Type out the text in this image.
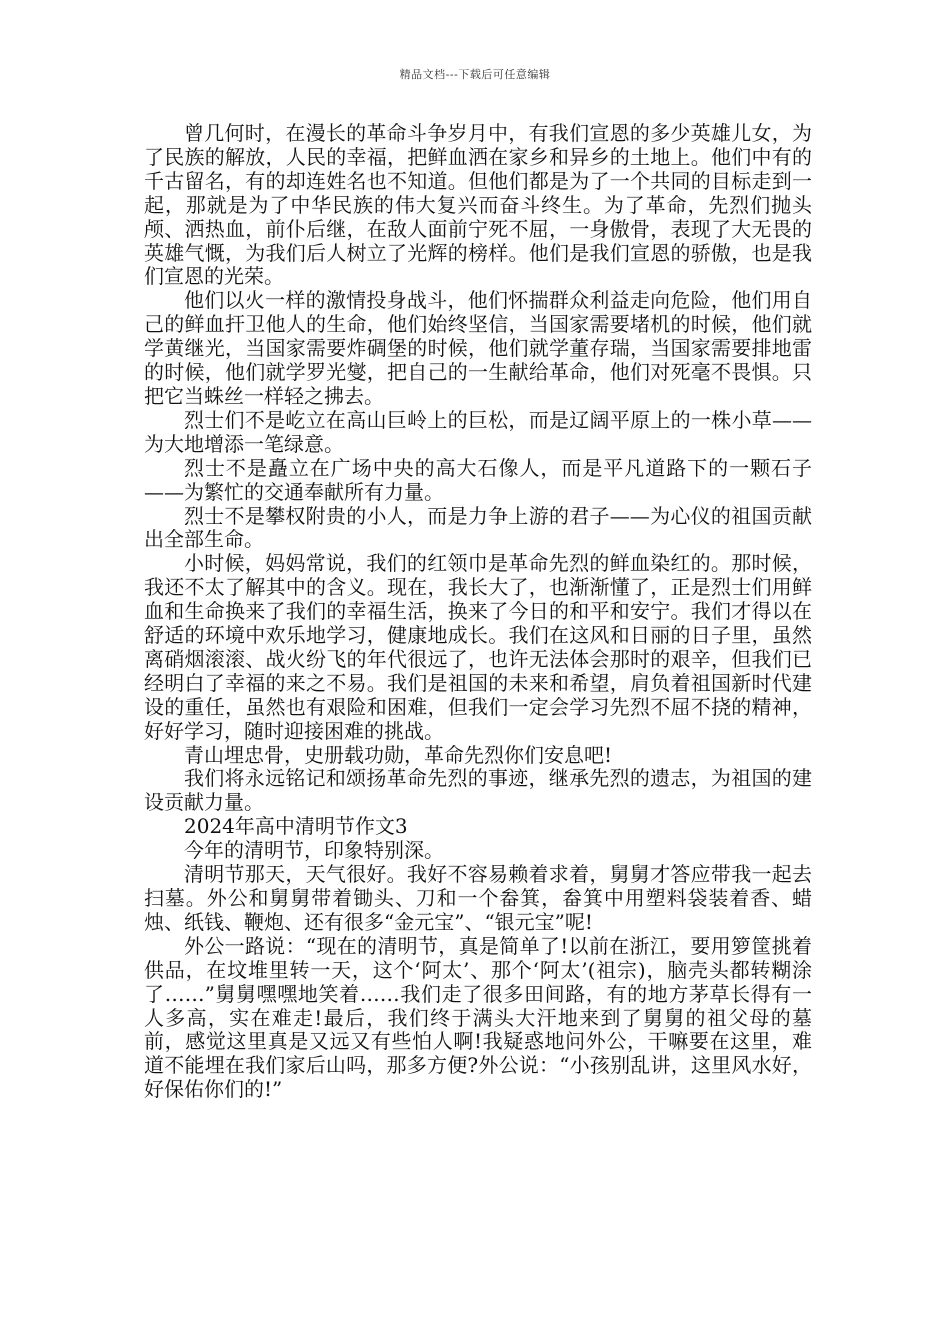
精品文档---下载后可任意编辑

曾几何时，在漫长的革命斗争岁月中，有我们宣恩的多少英雄儿女，为了民族的解放，人民的幸福，把鲜血洒在家乡和异乡的土地上。他们中有的千古留名，有的却连姓名也不知道。但他们都是为了一个共同的目标走到一起，那就是为了中华民族的伟大复兴而奋斗终生。为了革命，先烈们抛头颅、洒热血，前仆后继，在敌人面前宁死不屈，一身傲骨，表现了大无畏的英雄气慨，为我们后人树立了光辉的榜样。他们是我们宣恩的骄傲，也是我们宣恩的光荣。

他们以火一样的激情投身战斗，他们怀揣群众利益走向危险，他们用自己的鲜血扞卫他人的生命，他们始终坚信，当国家需要堵机的时候，他们就学黄继光，当国家需要炸碉堡的时候，他们就学董存瑞，当国家需要排地雷的时候，他们就学罗光燮，把自己的一生献给革命，他们对死毫不畏惧。只把它当蛛丝一样轻之拂去。

烈士们不是屹立在高山巨岭上的巨松，而是辽阔平原上的一株小草——为大地增添一笔绿意。

烈士不是矗立在广场中央的高大石像人，而是平凡道路下的一颗石子——为繁忙的交通奉献所有力量。

烈士不是攀权附贵的小人，而是力争上游的君子——为心仪的祖国贡献出全部生命。

小时候，妈妈常说，我们的红领巾是革命先烈的鲜血染红的。那时候，我还不太了解其中的含义。现在，我长大了，也渐渐懂了，正是烈士们用鲜血和生命换来了我们的幸福生活，换来了今日的和平和安宁。我们才得以在舒适的环境中欢乐地学习，健康地成长。我们在这风和日丽的日子里，虽然离硝烟滚滚、战火纷飞的年代很远了，也许无法体会那时的艰辛，但我们已经明白了幸福的来之不易。我们是祖国的未来和希望，肩负着祖国新时代建设的重任，虽然也有艰险和困难，但我们一定会学习先烈不屈不挠的精神，好好学习，随时迎接困难的挑战。

青山埋忠骨，史册载功勋，革命先烈你们安息吧!

我们将永远铭记和颂扬革命先烈的事迹，继承先烈的遗志，为祖国的建设贡献力量。

2024年高中清明节作文3

今年的清明节，印象特别深。

清明节那天，天气很好。我好不容易赖着求着，舅舅才答应带我一起去扫墓。外公和舅舅带着锄头、刀和一个畚箕，畚箕中用塑料袋装着香、蜡烛、纸钱、鞭炮、还有很多“金元宝”、“银元宝”呢!

外公一路说：“现在的清明节，真是简单了!以前在浙江，要用箩筐挑着供品，在坟堆里转一天，这个‘阿太’、那个‘阿太’(祖宗)，脑壳头都转糊涂了……”舅舅嘿嘿地笑着……我们走了很多田间路，有的地方茅草长得有一人多高，实在难走!最后，我们终于满头大汗地来到了舅舅的祖父母的墓前，感觉这里真是又远又有些怕人啊!我疑惑地问外公，干嘛要在这里，难道不能埋在我们家后山吗，那多方便?外公说：“小孩别乱讲，这里风水好，好保佑你们的!”
